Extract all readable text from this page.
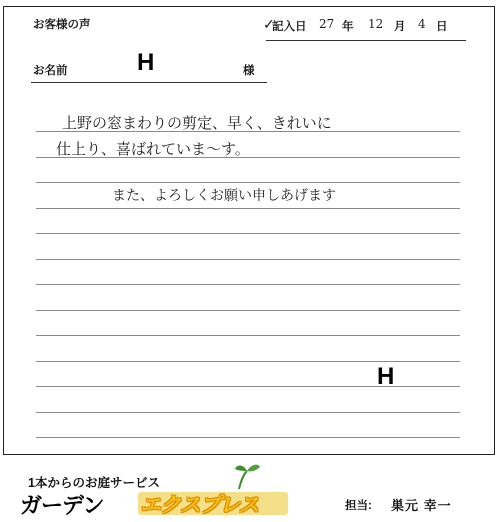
お客様の声	✓
記入日 27 年 12 月 4 日
お名前	H	様
上野の窓まわりの剪定、早く、きれいに
仕上り、喜ばれていま～す。
また、よろしくお願い申しあげます
H
1本からのお庭サービス
ガーデン エクスプレス	担当: 巣元 幸一
